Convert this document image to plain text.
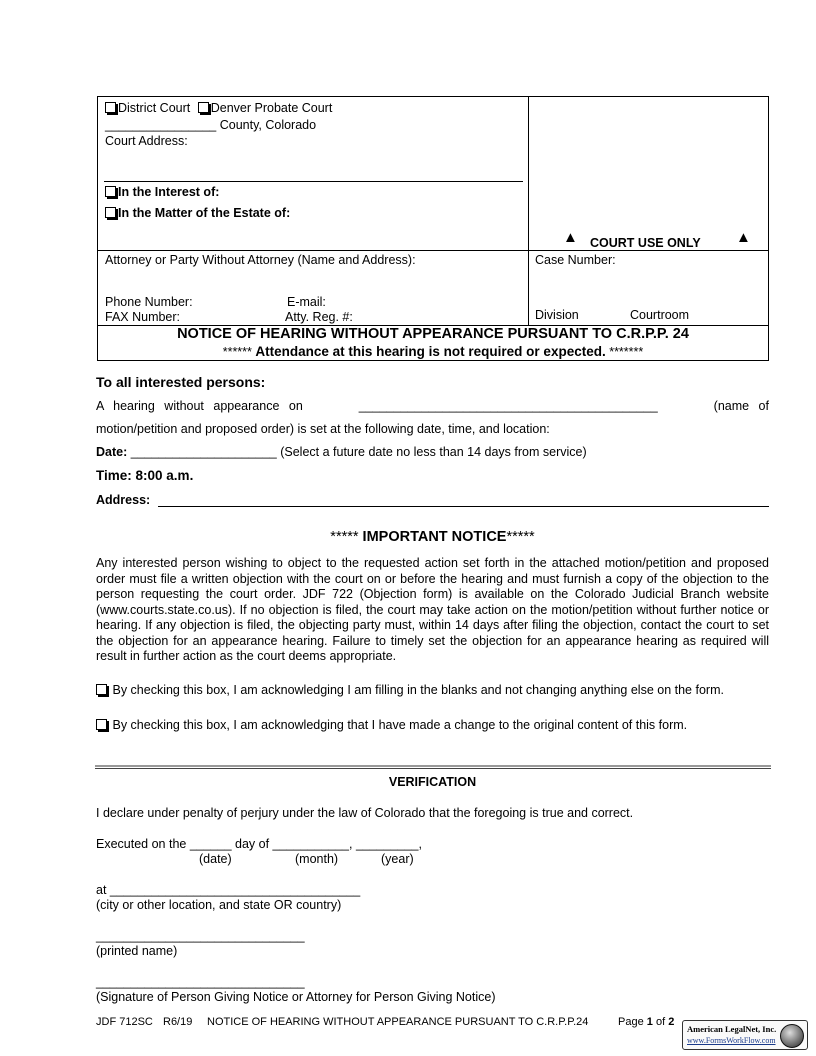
District Court Denver Probate Court
________________ County, Colorado
Court Address:
In the Interest of:
In the Matter of the Estate of:
▲ COURT USE ONLY ▲
Attorney or Party Without Attorney (Name and Address):
Phone Number:	E-mail:
FAX Number:	Atty. Reg. #:
Case Number:
Division	Courtroom
NOTICE OF HEARING WITHOUT APPEARANCE PURSUANT TO C.R.P.P. 24
****** Attendance at this hearing is not required or expected. *******
To all interested persons:
A hearing without appearance on	___________________________________________	(name of
motion/petition and proposed order) is set at the following date, time, and location:
Date: _____________________ (Select a future date no less than 14 days from service)
Time: 8:00 a.m.
Address:
***** IMPORTANT NOTICE*****
Any interested person wishing to object to the requested action set forth in the attached motion/petition and proposed order must file a written objection with the court on or before the hearing and must furnish a copy of the objection to the person requesting the court order. JDF 722 (Objection form) is available on the Colorado Judicial Branch website (www.courts.state.co.us). If no objection is filed, the court may take action on the motion/petition without further notice or hearing. If any objection is filed, the objecting party must, within 14 days after filing the objection, contact the court to set the objection for an appearance hearing. Failure to timely set the objection for an appearance hearing as required will result in further action as the court deems appropriate.
By checking this box, I am acknowledging I am filling in the blanks and not changing anything else on the form.
By checking this box, I am acknowledging that I have made a change to the original content of this form.
VERIFICATION
I declare under penalty of perjury under the law of Colorado that the foregoing is true and correct.
Executed on the ______ day of ___________, _________,
(date)	(month)	(year)
at ____________________________________
(city or other location, and state OR country)
______________________________
(printed name)
______________________________
(Signature of Person Giving Notice or Attorney for Person Giving Notice)
JDF 712SC R6/19 NOTICE OF HEARING WITHOUT APPEARANCE PURSUANT TO C.R.P.P.24	Page 1 of 2
American LegalNet, Inc.
www.FormsWorkFlow.com
